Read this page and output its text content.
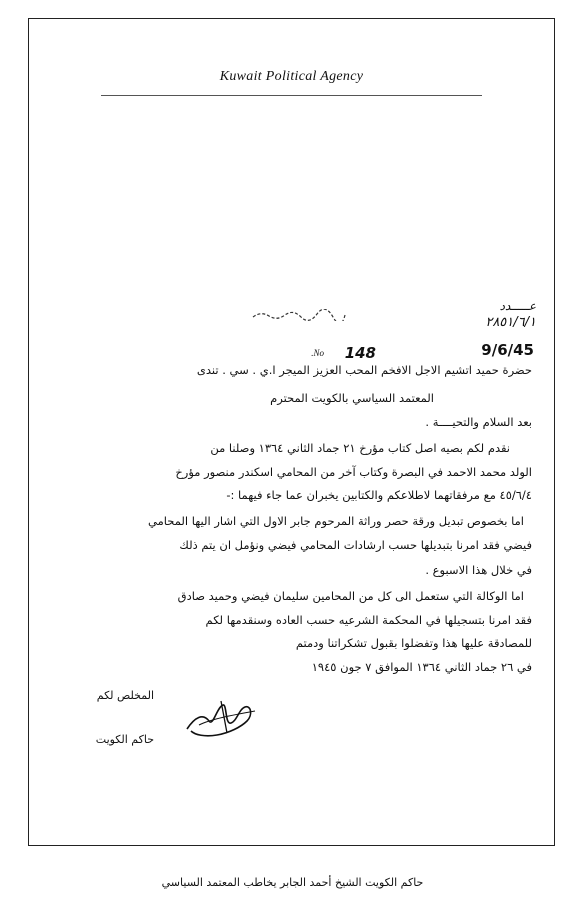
Kuwait Political Agency
عـــــدد
٢٨٥١/٦/١
No. 148	9/6/45
حضرة حميد اتشيم الاجل الافخم المحب العزيز الميجر ا.ي . سي . تندى
المعتمد السياسي بالكويت المحترم
بعد السلام والتحيــــة .
نقدم لكم بصيه اصل كتاب مؤرخ ٢١ جماد الثاني ١٣٦٤ وصلنا من
الولد محمد الاحمد في البصرة وكتاب آخر من المحامي اسكندر منصور مؤرخ
٤٥/٦/٤ مع مرفقاتهما لاطلاعكم والكتابين يخبران عما جاء فيهما :-
اما بخصوص تبديل ورقة حصر وراثة المرحوم جابر الاول التي اشار اليها المحامي
فيضي فقد امرنا بتبديلها حسب ارشادات المحامي فيضي ونؤمل ان يتم ذلك
في خلال هذا الاسبوع .
اما الوكالة التي ستعمل الى كل من المحامين سليمان فيضي وحميد صادق
فقد امرنا بتسجيلها في المحكمة الشرعيه حسب العاده وسنقدمها لكم
للمصادقة عليها هذا وتفضلوا بقبول تشكراتنا ودمتم
في ٢٦ جماد الثاني ١٣٦٤ الموافق ٧ جون ١٩٤٥
المخلص لكم
حاكم الكويت
حاكم الكويت الشيخ أحمد الجابر يخاطب المعتمد السياسي
